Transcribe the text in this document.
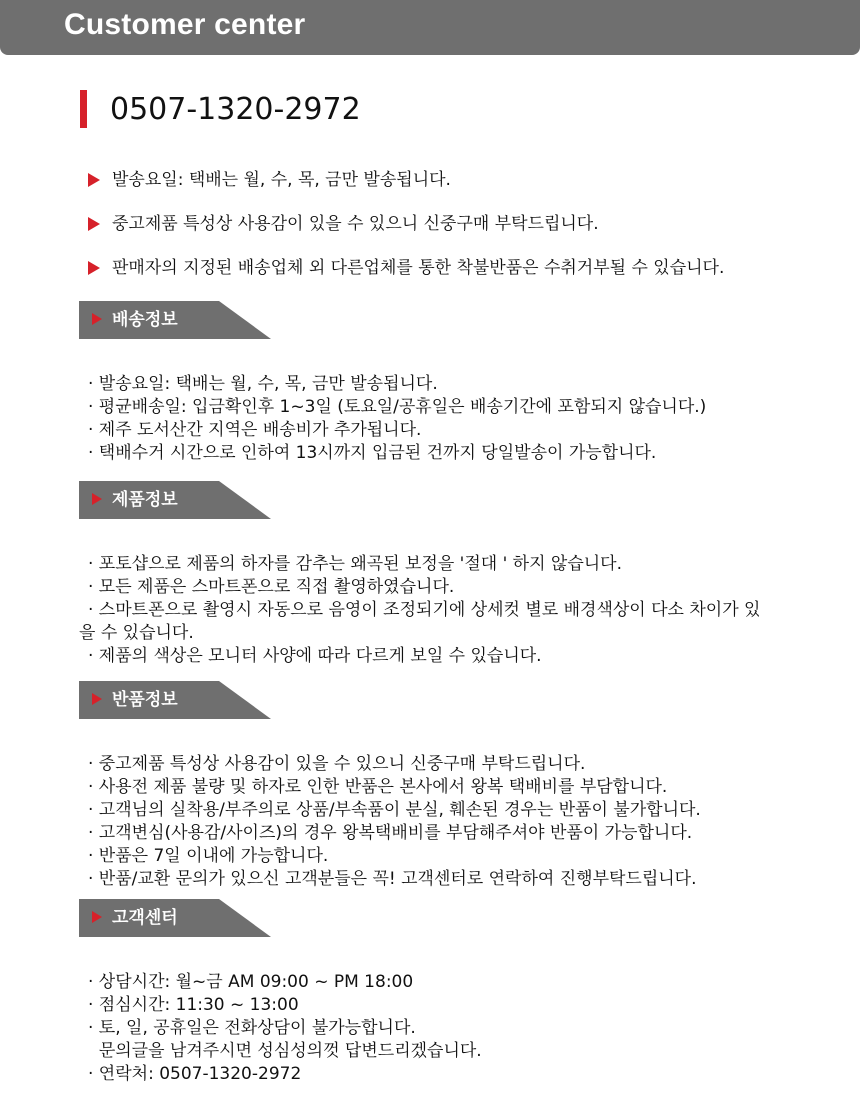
Customer center
0507-1320-2972
발송요일: 택배는 월, 수, 목, 금만 발송됩니다.
중고제품 특성상 사용감이 있을 수 있으니 신중구매 부탁드립니다.
판매자의 지정된 배송업체 외 다른업체를 통한 착불반품은 수취거부될 수 있습니다.
배송정보
· 발송요일: 택배는 월, 수, 목, 금만 발송됩니다.
· 평균배송일: 입금확인후 1~3일 (토요일/공휴일은 배송기간에 포함되지 않습니다.)
· 제주 도서산간 지역은 배송비가 추가됩니다.
· 택배수거 시간으로 인하여 13시까지 입금된 건까지 당일발송이 가능합니다.
제품정보
· 포토샵으로 제품의 하자를 감추는 왜곡된 보정을 '절대 ' 하지 않습니다.
· 모든 제품은 스마트폰으로 직접 촬영하였습니다.
· 스마트폰으로 촬영시 자동으로 음영이 조정되기에 상세컷 별로 배경색상이 다소 차이가 있
을 수 있습니다.
· 제품의 색상은 모니터 사양에 따라 다르게 보일 수 있습니다.
반품정보
· 중고제품 특성상 사용감이 있을 수 있으니 신중구매 부탁드립니다.
· 사용전 제품 불량 및 하자로 인한 반품은 본사에서 왕복 택배비를 부담합니다.
· 고객님의 실착용/부주의로 상품/부속품이 분실, 훼손된 경우는 반품이 불가합니다.
· 고객변심(사용감/사이즈)의 경우 왕복택배비를 부담해주셔야 반품이 가능합니다.
· 반품은 7일 이내에 가능합니다.
· 반품/교환 문의가 있으신 고객분들은 꼭! 고객센터로 연락하여 진행부탁드립니다.
고객센터
· 상담시간: 월~금 AM 09:00 ~ PM 18:00
· 점심시간: 11:30 ~ 13:00
· 토, 일, 공휴일은 전화상담이 불가능합니다.
문의글을 남겨주시면 성심성의껏 답변드리겠습니다.
· 연락처: 0507-1320-2972
